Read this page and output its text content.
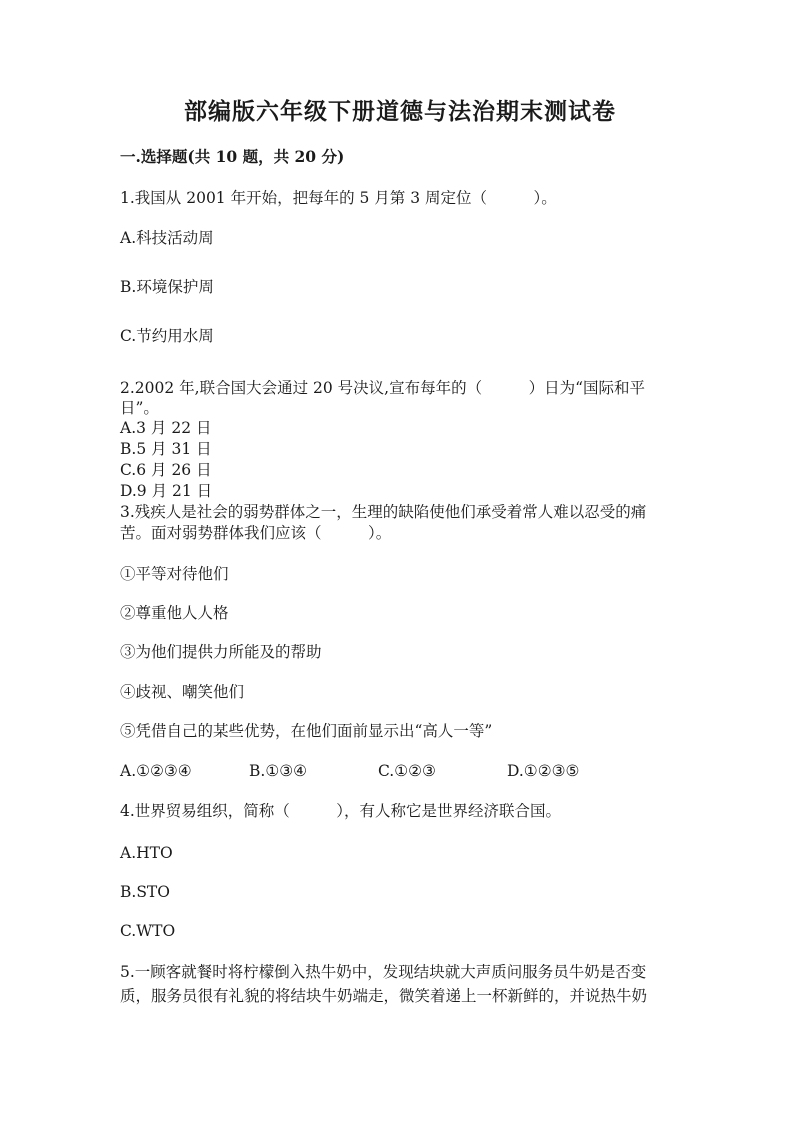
部编版六年级下册道德与法治期末测试卷
一.选择题(共 10 题，共 20 分)
1.我国从 2001 年开始，把每年的 5 月第 3 周定位（　　　）。
A.科技活动周
B.环境保护周
C.节约用水周
2.2002 年,联合国大会通过 20 号决议,宣布每年的（　　　）日为“国际和平
日”。
A.3 月 22 日
B.5 月 31 日
C.6 月 26 日
D.9 月 21 日
3.残疾人是社会的弱势群体之一，生理的缺陷使他们承受着常人难以忍受的痛
苦。面对弱势群体我们应该（　　　）。
①平等对待他们
②尊重他人人格
③为他们提供力所能及的帮助
④歧视、嘲笑他们
⑤凭借自己的某些优势，在他们面前显示出“高人一等”
A.①②③④	B.①③④	C.①②③	D.①②③⑤
4.世界贸易组织，简称（　　　），有人称它是世界经济联合国。
A.HTO
B.STO
C.WTO
5.一顾客就餐时将柠檬倒入热牛奶中，发现结块就大声质问服务员牛奶是否变
质，服务员很有礼貌的将结块牛奶端走，微笑着递上一杯新鲜的，并说热牛奶
